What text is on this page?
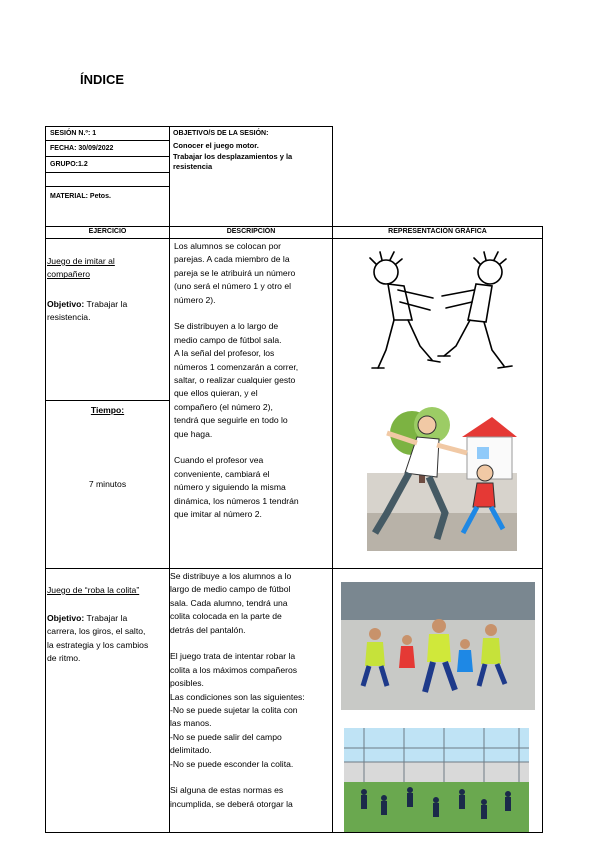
ÍNDICE
SESIÓN N.º: 1
FECHA: 30/09/2022
GRUPO:1.2
MATERIAL: Petos.
OBJETIVO/S DE LA SESIÓN:
Conocer el juego motor.
Trabajar los desplazamientos y la
resistencia
EJERCICIO	DESCRIPCIÓN	REPRESENTACIÓN GRÁFICA
Juego de imitar al
compañero
Objetivo: Trabajar la
resistencia.
Tiempo:
7 minutos
Los alumnos se colocan por
parejas. A cada miembro de la
pareja se le atribuirá un número
(uno será el número 1 y otro el
número 2).
Se distribuyen a lo largo de
medio campo de fútbol sala.
A la señal del profesor, los
números 1 comenzarán a correr,
saltar, o realizar cualquier gesto
que ellos quieran, y el
compañero (el número 2),
tendrá que seguirle en todo lo
que haga.
Cuando el profesor vea
conveniente, cambiará el
número y siguiendo la misma
dinámica, los números 1 tendrán
que imitar al número 2.
Juego de “roba la colita”
Objetivo: Trabajar la
carrera, los giros, el salto,
la estrategia y los cambios
de ritmo.
Se distribuye a los alumnos a lo
largo de medio campo de fútbol
sala. Cada alumno, tendrá una
colita colocada en la parte de
detrás del pantalón.
El juego trata de intentar robar la
colita a los máximos compañeros
posibles.
Las condiciones son las siguientes:
-No se puede sujetar la colita con
las manos.
-No se puede salir del campo
delimitado.
-No se puede esconder la colita.
Si alguna de estas normas es
incumplida, se deberá otorgar la
